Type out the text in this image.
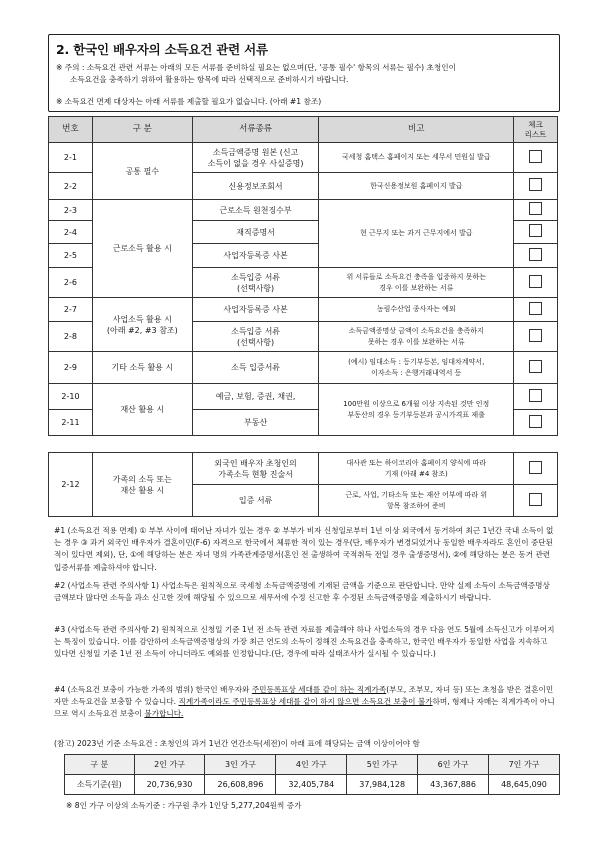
2. 한국인 배우자의 소득요건 관련 서류
※ 주의 : 소득요건 관련 서류는 아래의 모든 서류를 준비하실 필요는 없으며(단, '공통 필수' 항목의 서류는 필수) 초청인이
소득요건을 충족하기 위하여 활용하는 항목에 따라 선택적으로 준비하시기 바랍니다.
※ 소득요건 면제 대상자는 아래 서류를 제출할 필요가 없습니다. (아래 #1 참조)
번호	구 분	서류종류	비고	체크
리스트
2-1	공통 필수	소득금액증명 원본 (신고
소득이 없을 경우 사실증명)	국세청 홈택스 홈페이지 또는 세무서 민원실 발급	
2-2		신용정보조회서	한국신용정보원 홈페이지 발급	
2-3	근로소득 활용 시	근로소득 원천징수부	현 근무지 또는 과거 근무지에서 발급	
2-4		재직증명서		
2-5		사업자등록증 사본		
2-6		소득입증 서류
(선택사항)	위 서류들로 소득요건 충족을 입증하지 못하는
경우 이를 보완하는 서류	
2-7	사업소득 활용 시
(아래 #2, #3 참조)	사업자등록증 사본	농림수산업 종사자는 예외	
2-8		소득입증 서류
(선택사항)	소득금액증명상 금액이 소득요건을 충족하지
못하는 경우 이를 보완하는 서류	
2-9	기타 소득 활용 시	소득 입증서류	(예시) 임대소득 : 등기부등본, 임대차계약서,
이자소득 : 은행거래내역서 등	
2-10	재산 활용 시	예금, 보험, 증권, 채권,	100만원 이상으로 6개월 이상 지속된 것만 인정
부동산의 경우 등기부등본과 공시가격표 제출	
2-11		부동산		
2-12	가족의 소득 또는
재산 활용 시	외국인 배우자 초청인의
가족소득 현황 진술서	대사관 또는 하이코리아 홈페이지 양식에 따라
기재 (아래 #4 참조)	
		입증 서류	근로, 사업, 기타소득 또는 재산 어부에 따라 위
항목 참조하여 준비	
#1 (소득요건 적용 면제) ① 부부 사이에 태어난 자녀가 있는 경우 ② 부부가 비자 신청일로부터 1년 이상 외국에서 동거하여 최근 1년간 국내 소득이 없는 경우 ③ 과거 외국인 배우자가 결혼이민(F-6) 자격으로 한국에서 체류한 적이 있는 경우(단, 배우자가 변경되었거나 동일한 배우자라도 혼인이 중단된 적이 있다면 제외), 단, ①에 해당하는 분은 자녀 명의 가족관계증명서(혼인 전 출생하여 국적취득 전일 경우 출생증명서), ②에 해당하는 분은 동거 관련 입증서류를 제출하셔야 합니다.
#2 (사업소득 관련 주의사항 1) 사업소득은 원칙적으로 국세청 소득금액증명에 기재된 금액을 기준으로 판단합니다. 만약 실제 소득이 소득금액증명상 금액보다 많다면 소득을 과소 신고한 것에 해당될 수 있으므로 세무서에 수정 신고한 후 수정된 소득금액증명을 제출하시기 바랍니다.
#3 (사업소득 관련 주의사항 2) 원칙적으로 신청일 기준 1년 전 소득 관련 자료를 제출해야 하나 사업소득의 경우 다음 연도 5월에 소득신고가 이루어지는 특징이 있습니다. 이를 감안하여 소득금액증명상의 가장 최근 연도의 소득이 정해진 소득요건을 충족하고, 한국인 배우자가 동일한 사업을 지속하고 있다면 신청일 기준 1년 전 소득이 아니더라도 예외를 인정합니다.(단, 경우에 따라 실태조사가 실시될 수 있습니다.)
#4 (소득요건 보충이 가능한 가족의 범위) 한국인 배우자와 주민등록표상 세대를 같이 하는 직계가족(부모, 조부모, 자녀 등) 또는 초청을 받은 결혼이민자만 소득요건을 보충할 수 있습니다. 직계가족이라도 주민등록표상 세대를 같이 하지 않으면 소득요건 보충이 불가하며, 형제나 자매는 직계가족이 아니므로 역시 소득요건 보충이 불가합니다.
(참고) 2023년 기준 소득요건 : 초청인의 과거 1년간 연간소득(세전)이 아래 표에 해당되는 금액 이상이어야 함
구 분	2인 가구	3인 가구	4인 가구	5인 가구	6인 가구	7인 가구
소득기준(원)	20,736,930	26,608,896	32,405,784	37,984,128	43,367,886	48,645,090
※ 8인 가구 이상의 소득기준 : 가구원 추가 1인당 5,277,204원씩 증가
